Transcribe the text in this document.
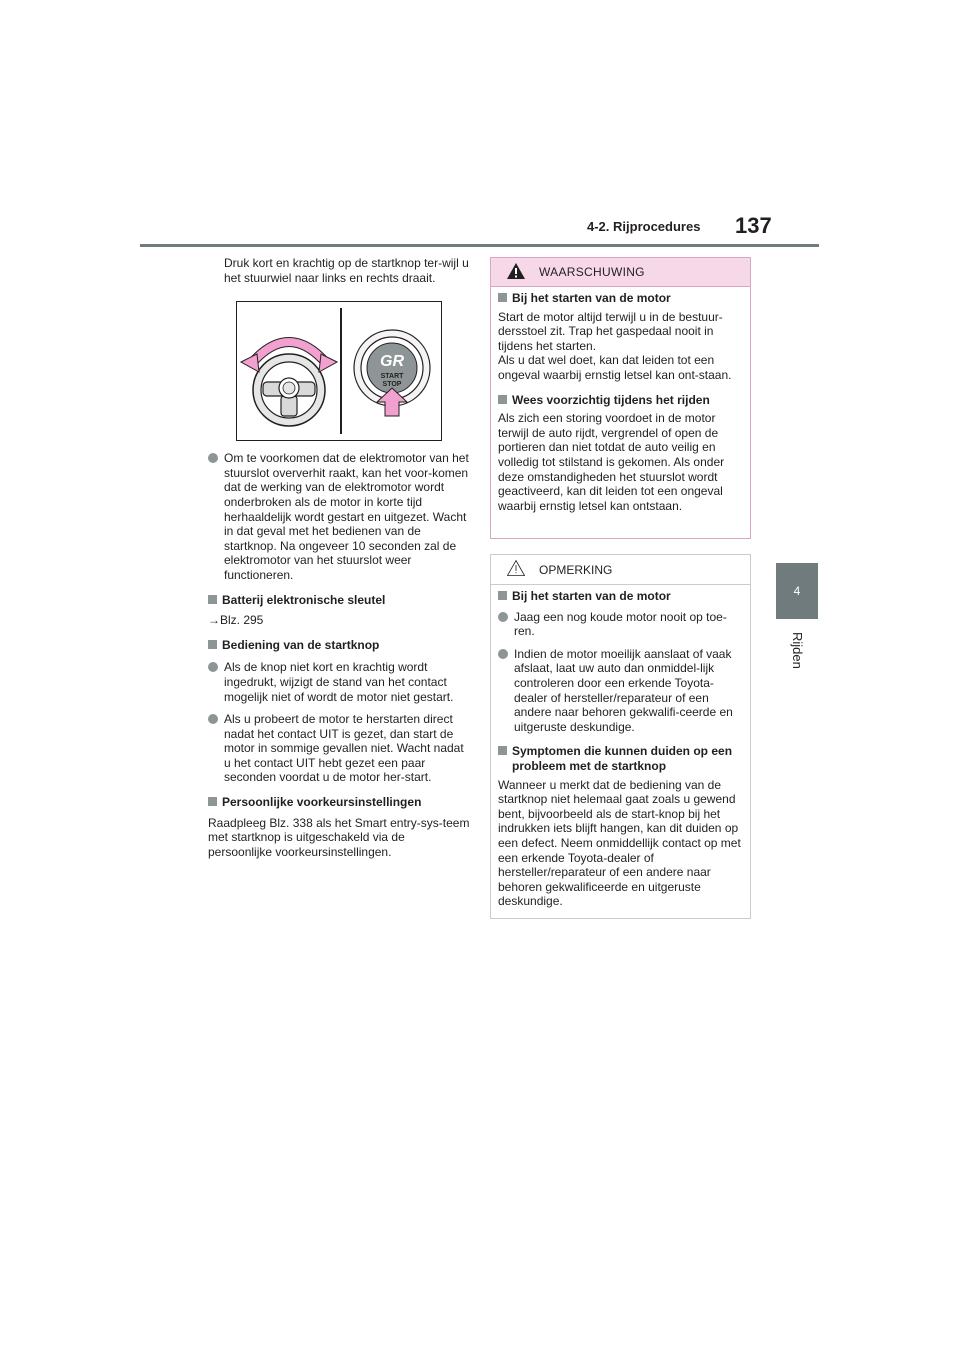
4-2. Rijprocedures 137
4
Rijden

Druk kort en krachtig op de startknop ter-wijl u het stuurwiel naar links en rechts draait.

GR
START
STOP
Om te voorkomen dat de elektromotor van het stuurslot oververhit raakt, kan het voor-komen dat de werking van de elektromotor wordt onderbroken als de motor in korte tijd herhaaldelijk wordt gestart en uitgezet. Wacht in dat geval met het bedienen van de startknop. Na ongeveer 10 seconden zal de elektromotor van het stuurslot weer functioneren.
Batterij elektronische sleutel
→Blz. 295
Bediening van de startknop
Als de knop niet kort en krachtig wordt ingedrukt, wijzigt de stand van het contact mogelijk niet of wordt de motor niet gestart.
Als u probeert de motor te herstarten direct nadat het contact UIT is gezet, dan start de motor in sommige gevallen niet. Wacht nadat u het contact UIT hebt gezet een paar seconden voordat u de motor her-start.
Persoonlijke voorkeursinstellingen
Raadpleeg Blz. 338 als het Smart entry-sys-teem met startknop is uitgeschakeld via de persoonlijke voorkeursinstellingen.
WAARSCHUWING
Bij het starten van de motor
Start de motor altijd terwijl u in de bestuur-dersstoel zit. Trap het gaspedaal nooit in tijdens het starten.
Als u dat wel doet, kan dat leiden tot een ongeval waarbij ernstig letsel kan ont-staan.
Wees voorzichtig tijdens het rijden
Als zich een storing voordoet in de motor terwijl de auto rijdt, vergrendel of open de portieren dan niet totdat de auto veilig en volledig tot stilstand is gekomen. Als onder deze omstandigheden het stuurslot wordt geactiveerd, kan dit leiden tot een ongeval waarbij ernstig letsel kan ontstaan.
OPMERKING
Bij het starten van de motor
Jaag een nog koude motor nooit op toe-ren.
Indien de motor moeilijk aanslaat of vaak afslaat, laat uw auto dan onmiddel-lijk controleren door een erkende Toyota-dealer of hersteller/reparateur of een andere naar behoren gekwalifi-ceerde en uitgeruste deskundige.
Symptomen die kunnen duiden op een probleem met de startknop
Wanneer u merkt dat de bediening van de startknop niet helemaal gaat zoals u gewend bent, bijvoorbeeld als de start-knop bij het indrukken iets blijft hangen, kan dit duiden op een defect. Neem onmiddellijk contact op met een erkende Toyota-dealer of hersteller/reparateur of een andere naar behoren gekwalificeerde en uitgeruste deskundige.
